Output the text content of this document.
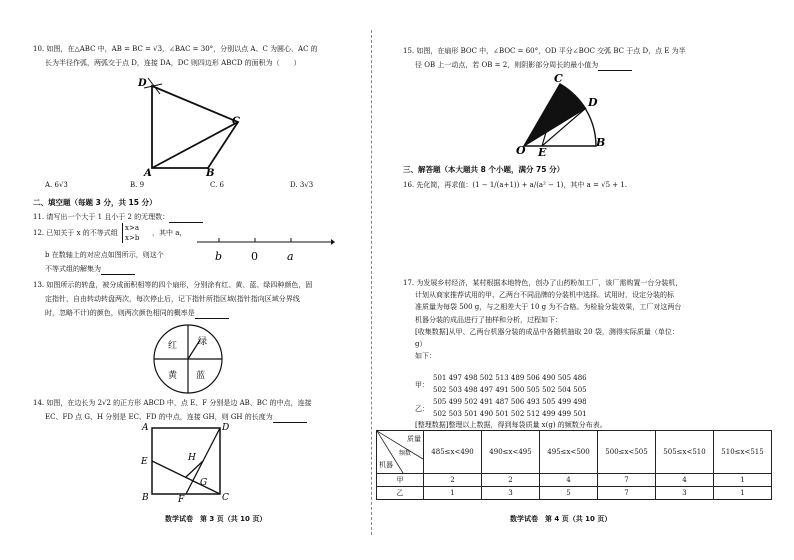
10. 如图，在△ABC 中，AB = BC = √3，∠BAC = 30°，分别以点 A、C 为圆心，AC 的
长为半径作弧，两弧交于点 D，连接 DA，DC 则四边形 ABCD 的面积为（　　）
D
C
A	B
A. 6√3	B. 9	C. 6	D. 3√3
二、填空题（每题 3 分，共 15 分）
11. 请写出一个大于 1 且小于 2 的无理数：
12. 已知关于 x 的不等式组
x>a
x>b
，其中 a，
b 在数轴上的对应点如图所示，则这个
不等式组的解集为
b	0	a
13. 如图所示的转盘，被分成面积相等的四个扇形，分别涂有红、黄、蓝、绿四种颜色，固
定指针，自由转动转盘两次，每次停止后，记下指针所指区域(指针指向区域分界线
时，忽略不计)的颜色，则两次颜色相同的概率是
红 绿
黄 蓝
14. 如图，在边长为 2√2 的正方形 ABCD 中，点 E、F 分别是边 AB、BC 的中点，连接
EC、FD 点 G、H 分别是 EC、FD 的中点，连接 GH，则 GH 的长度为
A	D
E	H
G
B	F	C
数学试卷　第 3 页（共 10 页）
15. 如图，在扇形 BOC 中，∠BOC = 60°，OD 平分∠BOC 交弧 BC 于点 D，点 E 为半
径 OB 上一动点，若 OB = 2，则阴影部分周长的最小值为
C
D
O E
B
三、解答题（本大题共 8 个小题，满分 75 分）
16. 先化简，再求值：(1 − 1/(a+1)) + a/(a² − 1)，其中 a = √5 + 1.
17. 为发展乡村经济，某村根据本地特色，创办了山药粉加工厂，该厂需购置一台分装机，
计划从商家推荐试用的甲、乙两台不同品牌的分装机中选择。试用时，设定分装的标
准质量为每袋 500 g，与之相差大于 10 g 为不合格。为检验分装效果，工厂对这两台
机器分装的成品进行了抽样和分析，过程如下：
[收集数据]从甲、乙两台机器分装的成品中各随机抽取 20 袋，测得实际质量（单位：
g）
如下：
甲：
501 497 498 502 513 489 506 490 505 486
502 503 498 497 491 500 505 502 504 505
乙：
505 499 502 491 487 506 493 505 499 498
502 503 501 490 501 502 512 499 499 501
[整理数据]整理以上数据，得到每袋质量 x(g) 的频数分布表。
质量
频数
机器	485≤x<490	490≤x<495	495≤x<500	500≤x<505	505≤x<510	510≤x<515
甲	2	2	4	7	4	1
乙	1	3	5	7	3	1
数学试卷　第 4 页（共 10 页）
